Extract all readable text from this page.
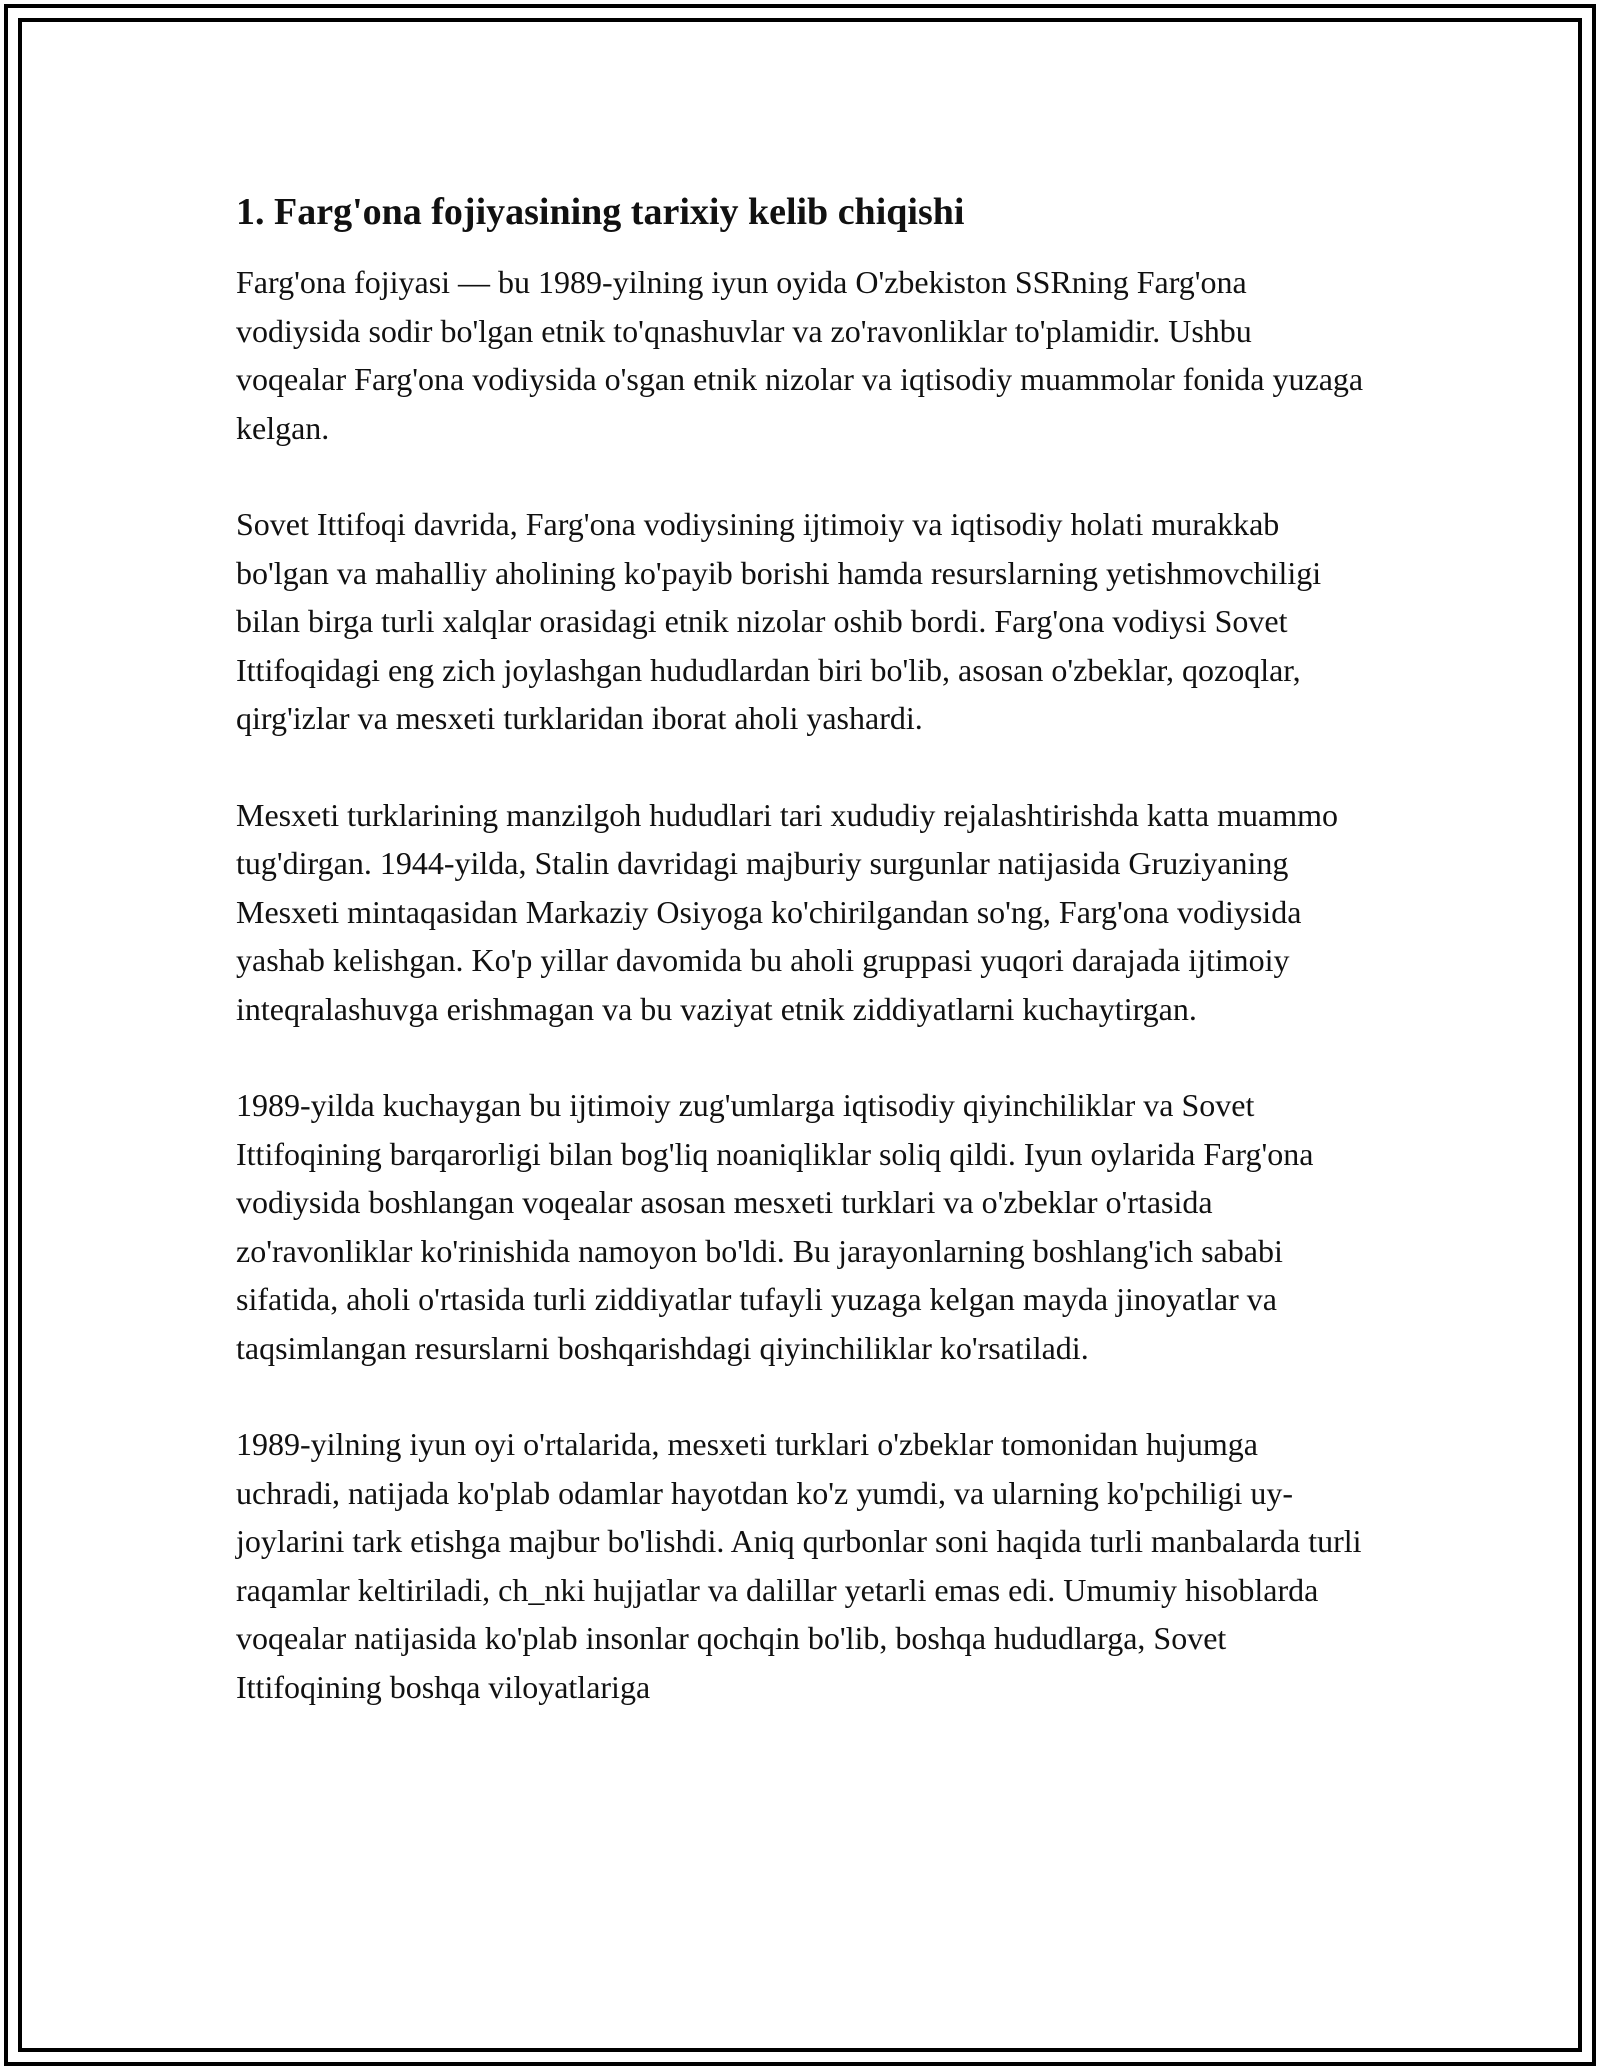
1. Farg'ona fojiyasining tarixiy kelib chiqishi

Farg'ona fojiyasi — bu 1989-yilning iyun oyida O'zbekiston SSRning Farg'ona vodiysida sodir bo'lgan etnik to'qnashuvlar va zo'ravonliklar to'plamidir. Ushbu voqealar Farg'ona vodiysida o'sgan etnik nizolar va iqtisodiy muammolar fonida yuzaga kelgan.

Sovet Ittifoqi davrida, Farg'ona vodiysining ijtimoiy va iqtisodiy holati murakkab bo'lgan va mahalliy aholining ko'payib borishi hamda resurslarning yetishmovchiligi bilan birga turli xalqlar orasidagi etnik nizolar oshib bordi. Farg'ona vodiysi Sovet Ittifoqidagi eng zich joylashgan hududlardan biri bo'lib, asosan o'zbeklar, qozoqlar, qirg'izlar va mesxeti turklaridan iborat aholi yashardi.

Mesxeti turklarining manzilgoh hududlari tari xududiy rejalashtirishda katta muammo tug'dirgan. 1944-yilda, Stalin davridagi majburiy surgunlar natijasida Gruziyaning Mesxeti mintaqasidan Markaziy Osiyoga ko'chirilgandan so'ng, Farg'ona vodiysida yashab kelishgan. Ko'p yillar davomida bu aholi gruppasi yuqori darajada ijtimoiy inteqralashuvga erishmagan va bu vaziyat etnik ziddiyatlarni kuchaytirgan.

1989-yilda kuchaygan bu ijtimoiy zug'umlarga iqtisodiy qiyinchiliklar va Sovet Ittifoqining barqarorligi bilan bog'liq noaniqliklar soliq qildi. Iyun oylarida Farg'ona vodiysida boshlangan voqealar asosan mesxeti turklari va o'zbeklar o'rtasida zo'ravonliklar ko'rinishida namoyon bo'ldi. Bu jarayonlarning boshlang'ich sababi sifatida, aholi o'rtasida turli ziddiyatlar tufayli yuzaga kelgan mayda jinoyatlar va taqsimlangan resurslarni boshqarishdagi qiyinchiliklar ko'rsatiladi.

1989-yilning iyun oyi o'rtalarida, mesxeti turklari o'zbeklar tomonidan hujumga uchradi, natijada ko'plab odamlar hayotdan ko'z yumdi, va ularning ko'pchiligi uy-joylarini tark etishga majbur bo'lishdi. Aniq qurbonlar soni haqida turli manbalarda turli raqamlar keltiriladi, ch_nki hujjatlar va dalillar yetarli emas edi. Umumiy hisoblarda voqealar natijasida ko'plab insonlar qochqin bo'lib, boshqa hududlarga, Sovet Ittifoqining boshqa viloyatlariga
